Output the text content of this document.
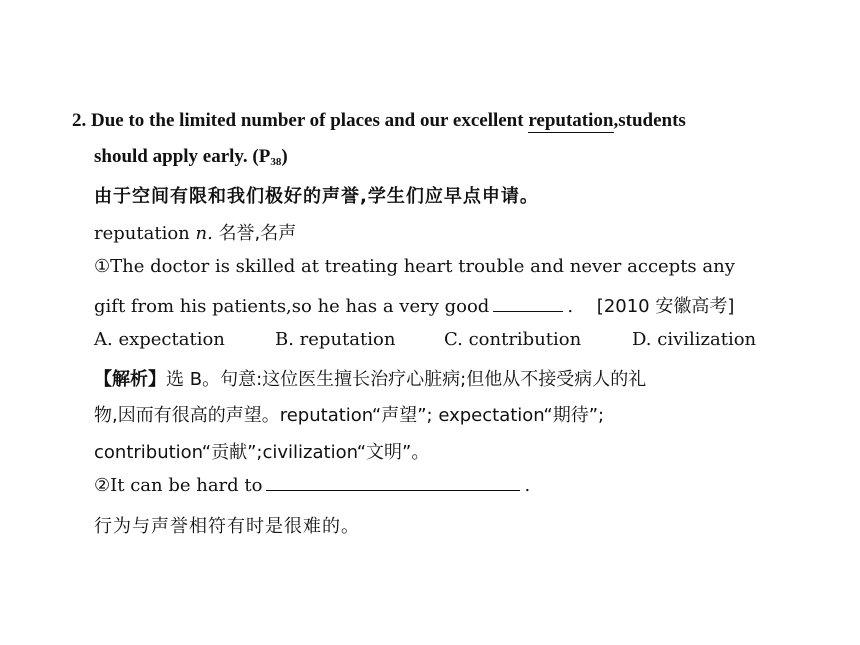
2. Due to the limited number of places and our excellent reputation,students
should apply early. $(P_{38})$
由于空间有限和我们极好的声誉,学生们应早点申请。
reputation n. 名誉,名声
①The doctor is skilled at treating heart trouble and never accepts any
gift from his patients,so he has a very good	. [2010 安徽高考]
A. expectation	B. reputation	C. contribution	D. civilization
【解析】选 B。句意:这位医生擅长治疗心脏病;但他从不接受病人的礼
物,因而有很高的声望。reputation“声望”; expectation“期待”;
contribution“贡献”;civilization“文明”。
②It can be hard to	.
行为与声誉相符有时是很难的。
